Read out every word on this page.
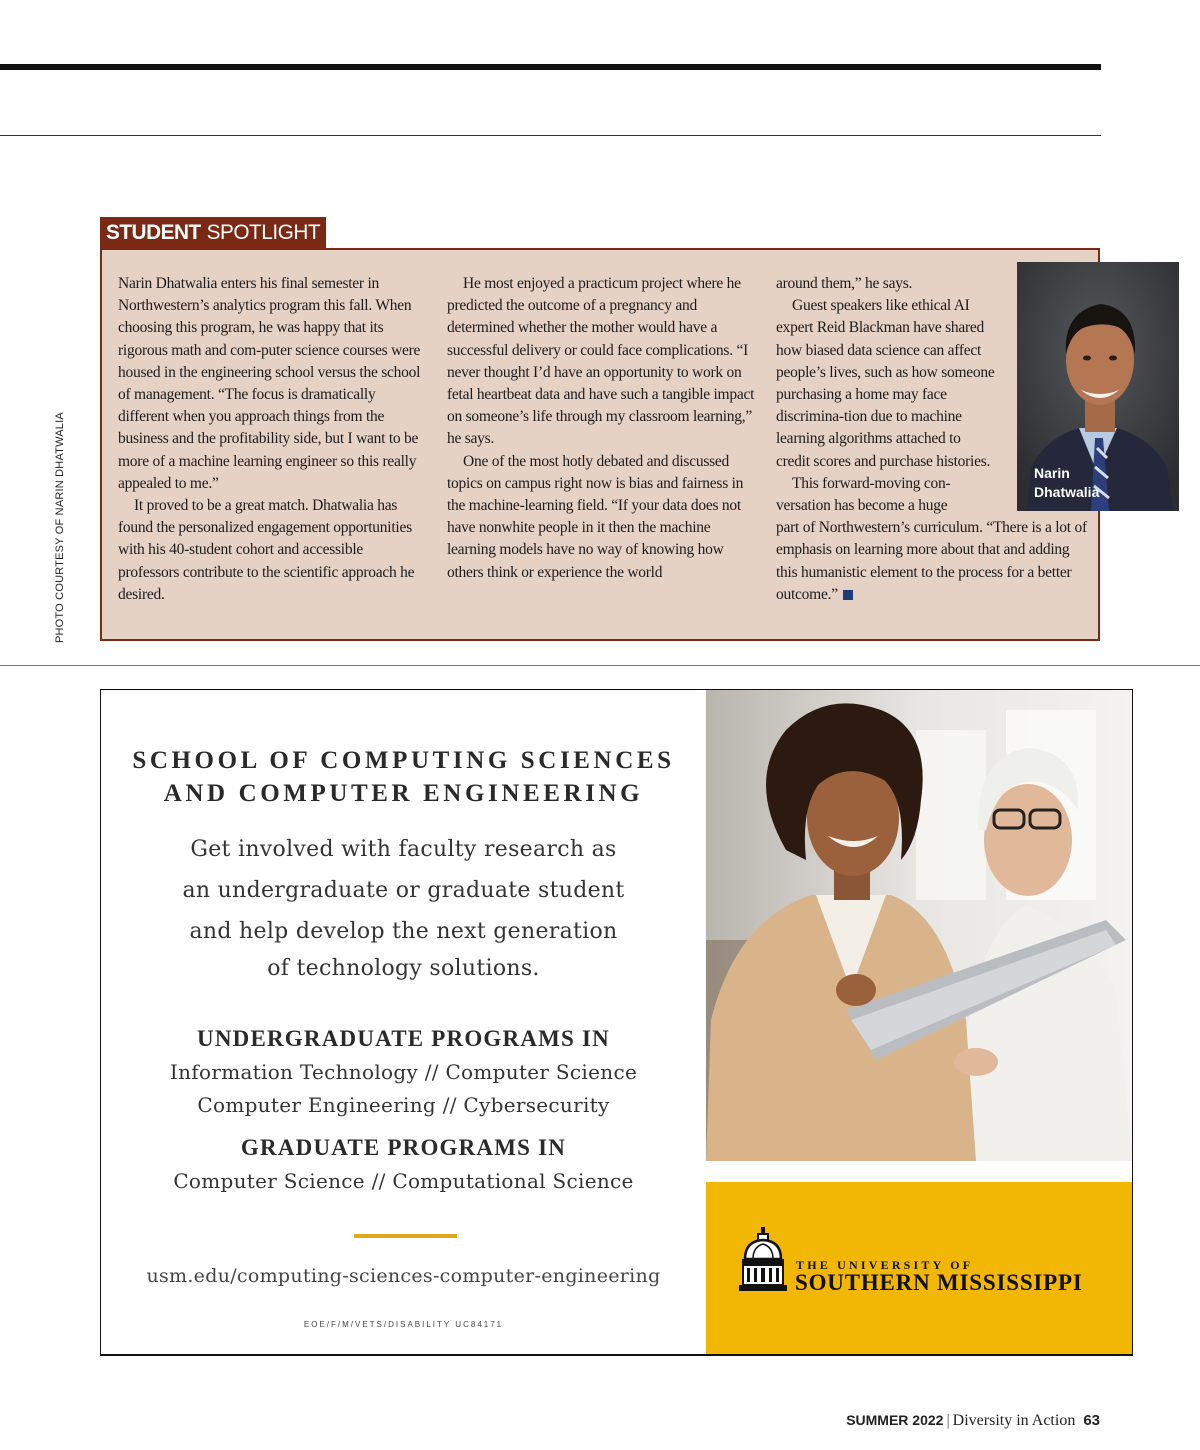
PHOTO COURTESY OF NARIN DHATWALIA
STUDENT SPOTLIGHT

Narin Dhatwalia enters his final semester in Northwestern’s analytics program this fall. When choosing this program, he was happy that its rigorous math and com-puter science courses were housed in the engineering school versus the school of management. “The focus is dramatically different when you approach things from the business and the profitability side, but I want to be more of a machine learning engineer so this really appealed to me.”

It proved to be a great match. Dhatwalia has found the personalized engagement opportunities with his 40-student cohort and accessible professors contribute to the scientific approach he desired.

He most enjoyed a practicum project where he predicted the outcome of a pregnancy and determined whether the mother would have a successful delivery or could face complications. “I never thought I’d have an opportunity to work on fetal heartbeat data and have such a tangible impact on someone’s life through my classroom learning,” he says.

One of the most hotly debated and discussed topics on campus right now is bias and fairness in the machine-learning field. “If your data does not have nonwhite people in it then the machine learning models have no way of knowing how others think or experience the world

around them,” he says.

Guest speakers like ethical AI expert Reid Blackman have shared how biased data science can affect people’s lives, such as how someone purchasing a home may face discrimina-tion due to machine learning algorithms attached to credit scores and purchase histories.

This forward-moving con-versation has become a huge

part of Northwestern’s curriculum. “There is a lot of emphasis on learning more about that and adding this humanistic element to the process for a better outcome.”

Narin
Dhatwalia
SCHOOL OF COMPUTING SCIENCES
AND COMPUTER ENGINEERING
Get involved with faculty research as
an undergraduate or graduate student
and help develop the next generation
of technology solutions.
UNDERGRADUATE PROGRAMS IN
Information Technology // Computer Science
Computer Engineering // Cybersecurity
GRADUATE PROGRAMS IN
Computer Science // Computational Science
usm.edu/computing-sciences-computer-engineering
EOE/F/M/VETS/DISABILITY UC84171
THE UNIVERSITY OF
SOUTHERN MISSISSIPPI
SUMMER 2022 | Diversity in Action 63
